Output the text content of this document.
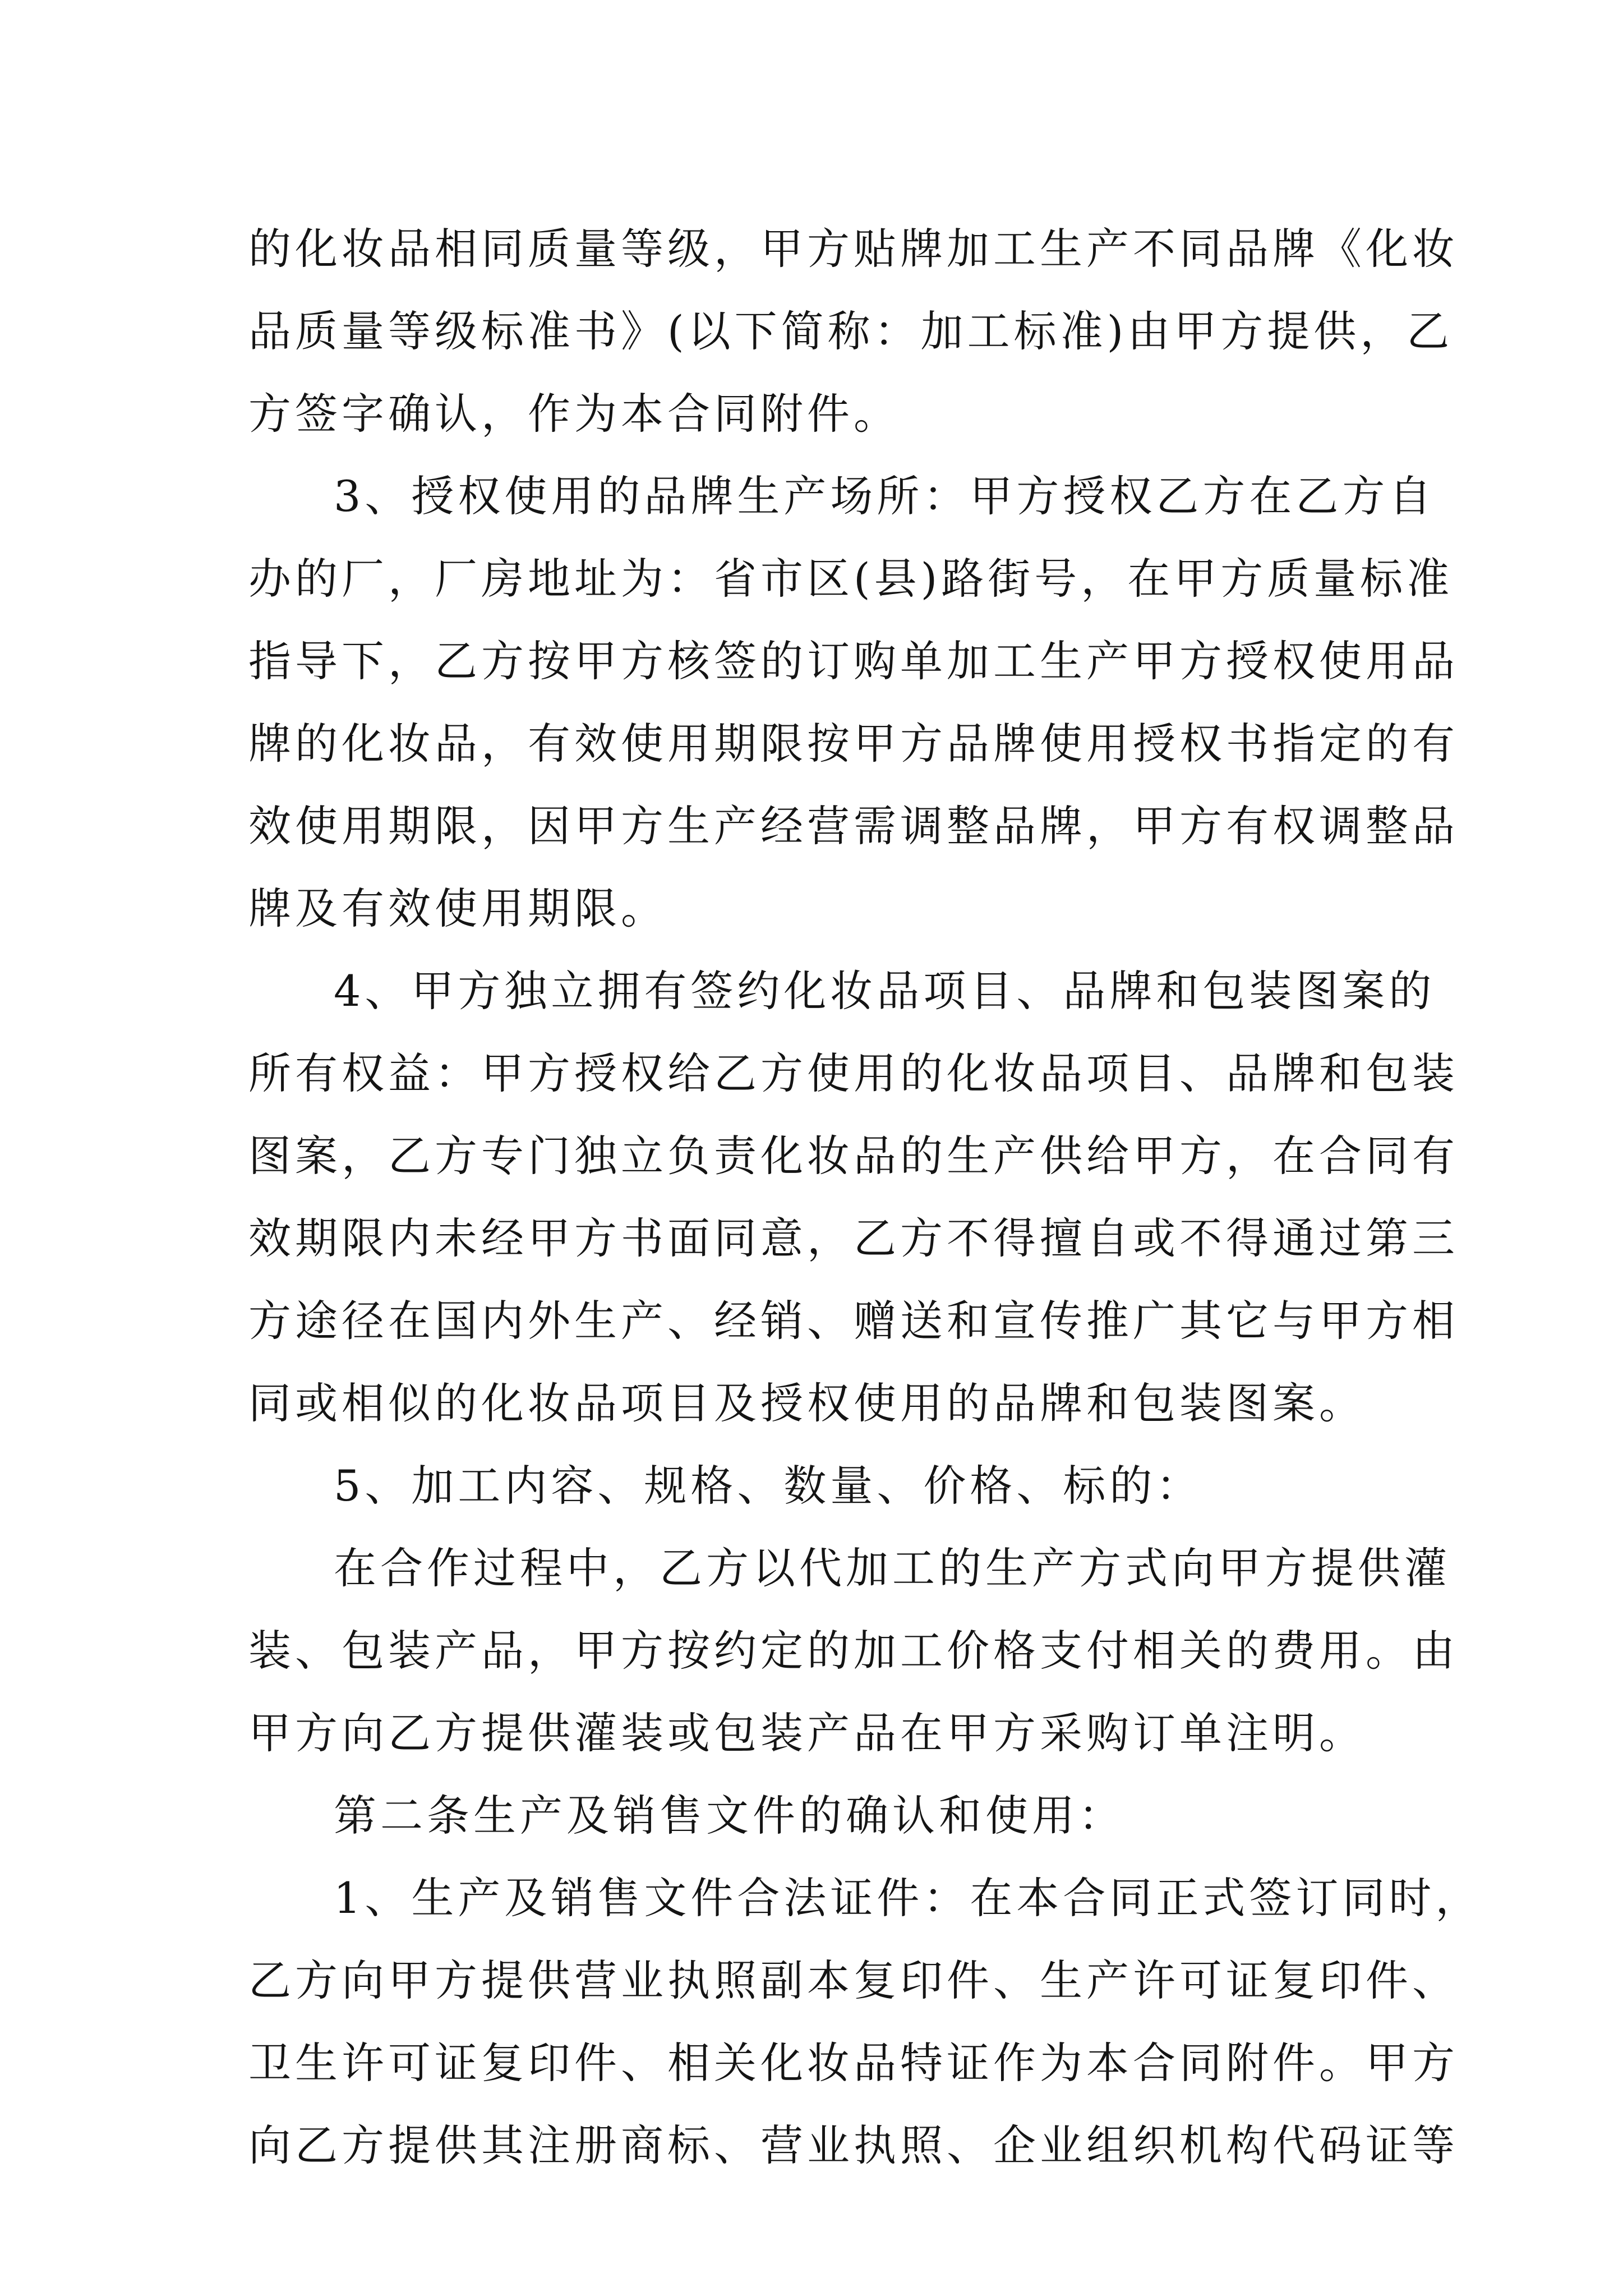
的化妆品相同质量等级，甲方贴牌加工生产不同品牌《化妆
品质量等级标准书》(以下简称：加工标准)由甲方提供，乙
方签字确认，作为本合同附件。

3、授权使用的品牌生产场所：甲方授权乙方在乙方自
办的厂，厂房地址为：省市区(县)路街号，在甲方质量标准
指导下，乙方按甲方核签的订购单加工生产甲方授权使用品
牌的化妆品，有效使用期限按甲方品牌使用授权书指定的有
效使用期限，因甲方生产经营需调整品牌，甲方有权调整品
牌及有效使用期限。

4、甲方独立拥有签约化妆品项目、品牌和包装图案的
所有权益：甲方授权给乙方使用的化妆品项目、品牌和包装
图案，乙方专门独立负责化妆品的生产供给甲方，在合同有
效期限内未经甲方书面同意，乙方不得擅自或不得通过第三
方途径在国内外生产、经销、赠送和宣传推广其它与甲方相
同或相似的化妆品项目及授权使用的品牌和包装图案。

5、加工内容、规格、数量、价格、标的：

在合作过程中，乙方以代加工的生产方式向甲方提供灌
装、包装产品，甲方按约定的加工价格支付相关的费用。由
甲方向乙方提供灌装或包装产品在甲方采购订单注明。

第二条生产及销售文件的确认和使用：

1、生产及销售文件合法证件：在本合同正式签订同时，
乙方向甲方提供营业执照副本复印件、生产许可证复印件、
卫生许可证复印件、相关化妆品特证作为本合同附件。甲方
向乙方提供其注册商标、营业执照、企业组织机构代码证等
